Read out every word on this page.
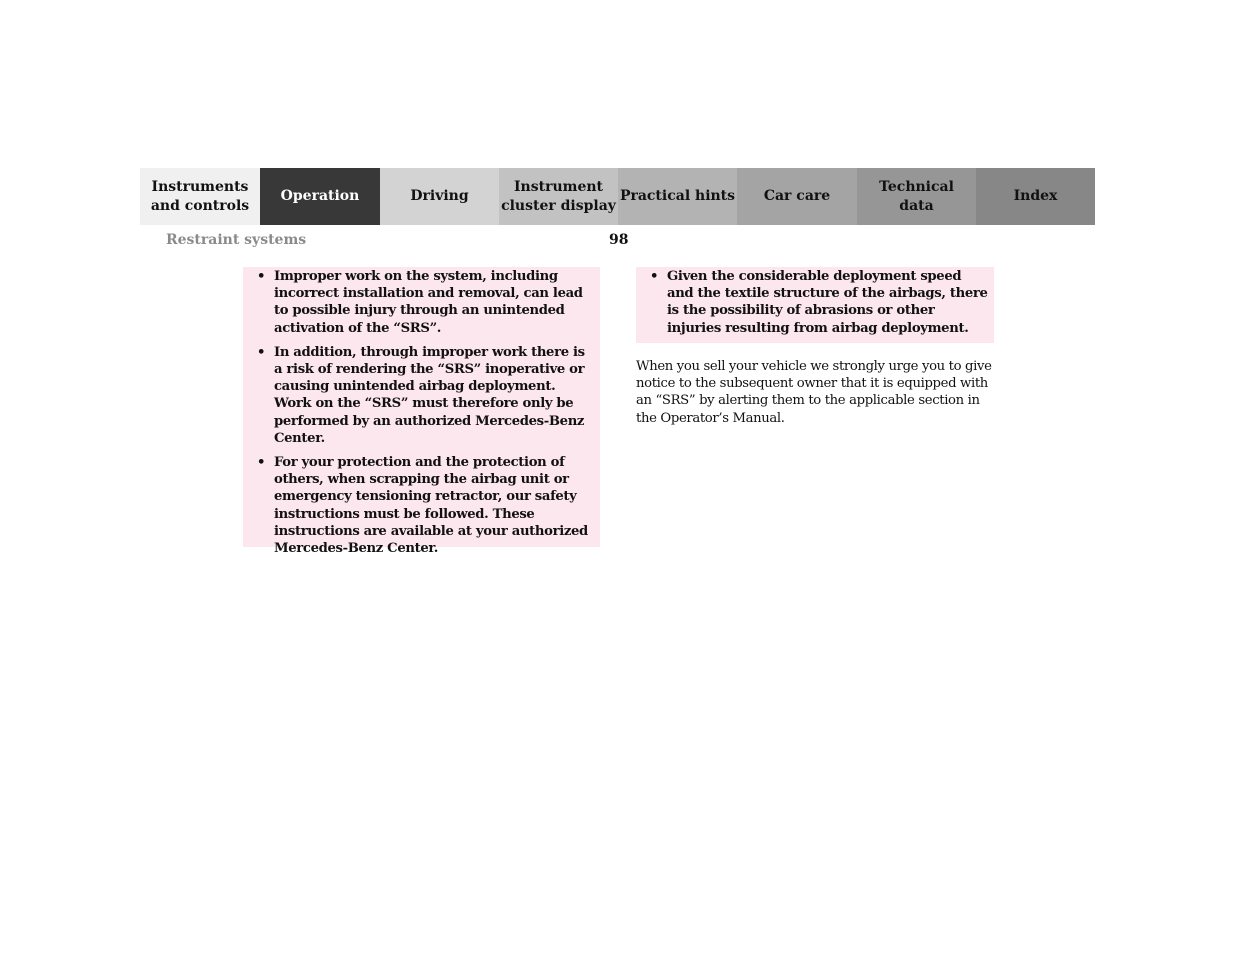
Instruments
and controls
Operation	Driving
Instrument
cluster display
Practical hints	Car care
Technical
data
Index
Restraint systems	98
• Improper work on the system, including incorrect installation and removal, can lead to possible injury through an unintended activation of the “SRS”.
• In addition, through improper work there is a risk of rendering the “SRS” inoperative or causing unintended airbag deployment. Work on the “SRS” must therefore only be performed by an authorized Mercedes-Benz Center.
• For your protection and the protection of others, when scrapping the airbag unit or emergency tensioning retractor, our safety instructions must be followed. These instructions are available at your authorized Mercedes-Benz Center.
• Given the considerable deployment speed and the textile structure of the airbags, there is the possibility of abrasions or other injuries resulting from airbag deployment.

When you sell your vehicle we strongly urge you to give notice to the subsequent owner that it is equipped with an “SRS” by alerting them to the applicable section in the Operator’s Manual.
